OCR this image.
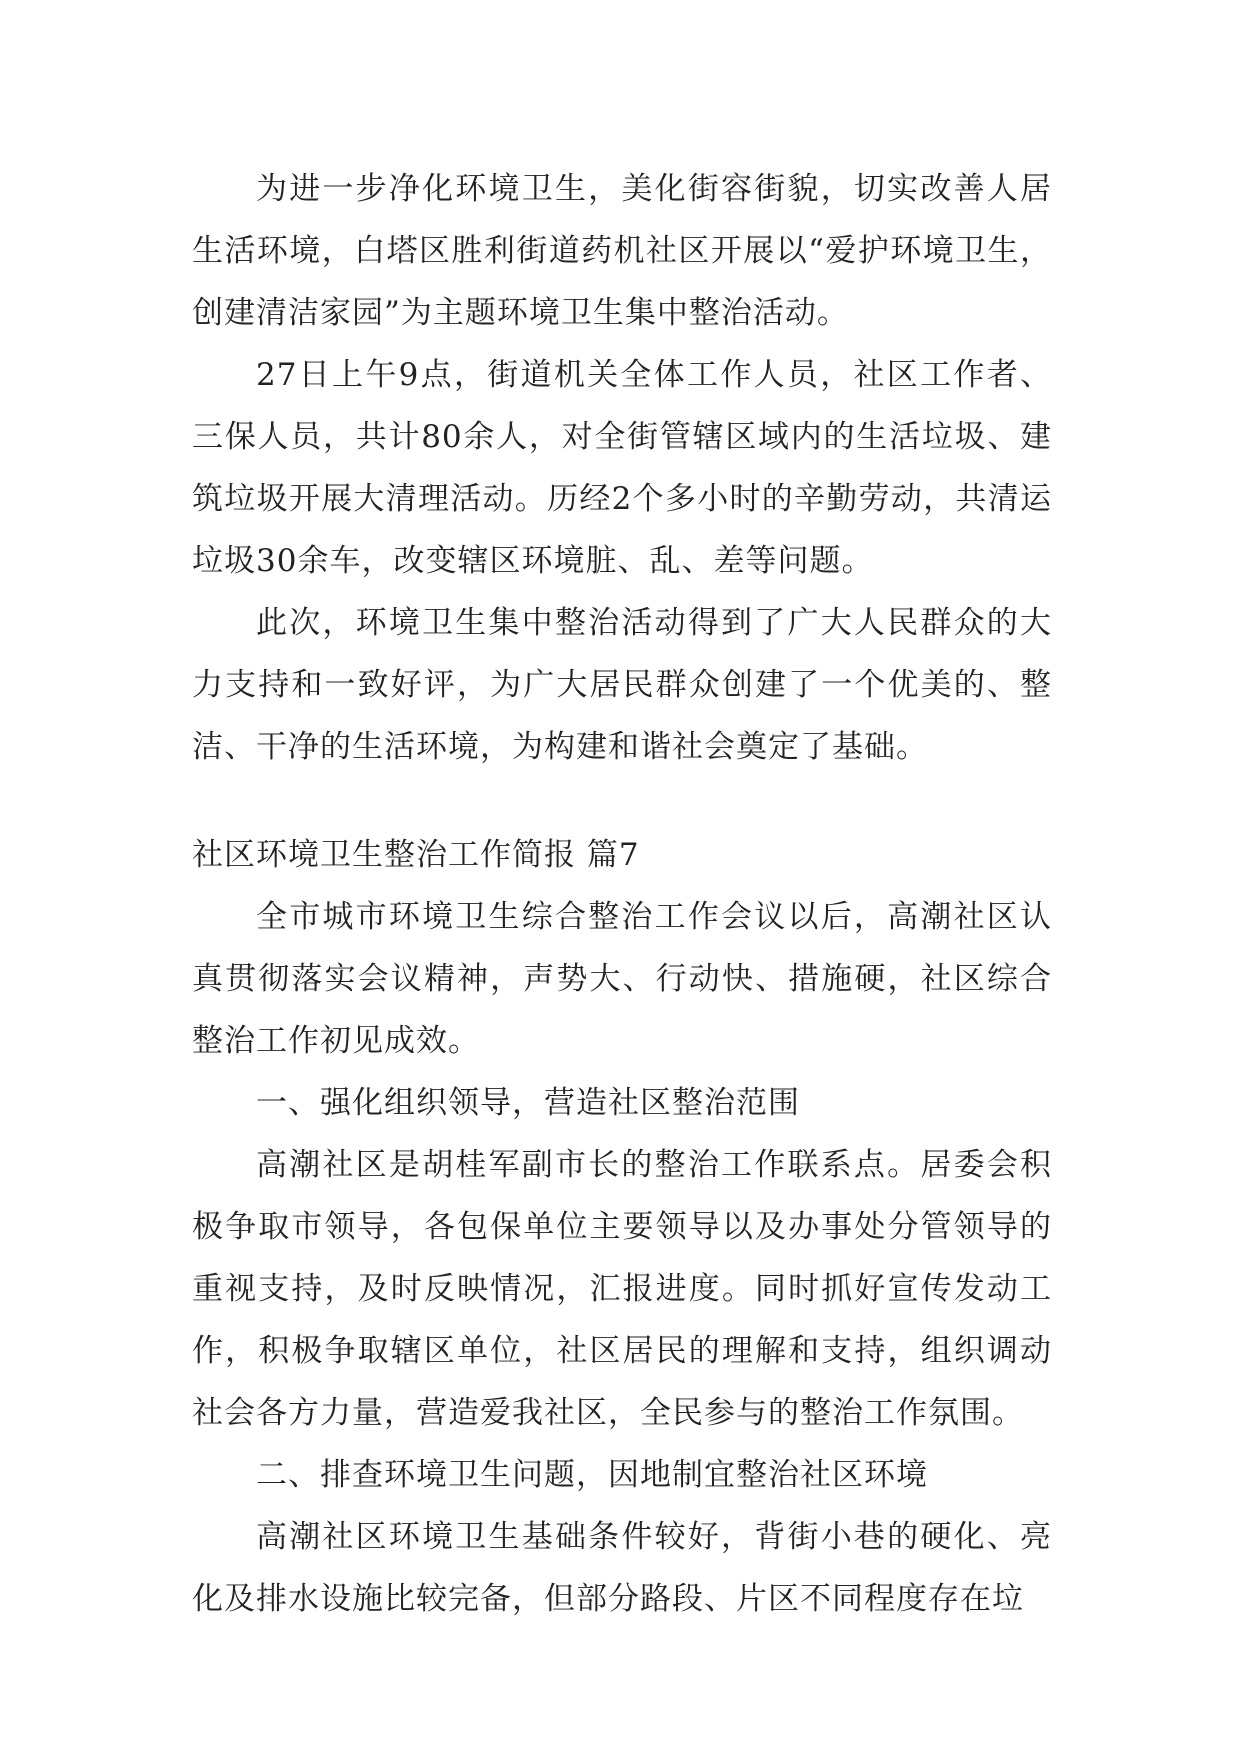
为进一步净化环境卫生，美化街容街貌，切实改善人居生活环境，白塔区胜利街道药机社区开展以“爱护环境卫生，创建清洁家园”为主题环境卫生集中整治活动。

27日上午9点，街道机关全体工作人员，社区工作者、三保人员，共计80余人，对全街管辖区域内的生活垃圾、建筑垃圾开展大清理活动。历经2个多小时的辛勤劳动，共清运垃圾30余车，改变辖区环境脏、乱、差等问题。

此次，环境卫生集中整治活动得到了广大人民群众的大力支持和一致好评，为广大居民群众创建了一个优美的、整洁、干净的生活环境，为构建和谐社会奠定了基础。

社区环境卫生整治工作简报 篇7

全市城市环境卫生综合整治工作会议以后，高潮社区认真贯彻落实会议精神，声势大、行动快、措施硬，社区综合整治工作初见成效。

一、强化组织领导，营造社区整治范围

高潮社区是胡桂军副市长的整治工作联系点。居委会积极争取市领导，各包保单位主要领导以及办事处分管领导的重视支持，及时反映情况，汇报进度。同时抓好宣传发动工作，积极争取辖区单位，社区居民的理解和支持，组织调动社会各方力量，营造爱我社区，全民参与的整治工作氛围。

二、排查环境卫生问题，因地制宜整治社区环境

高潮社区环境卫生基础条件较好，背街小巷的硬化、亮化及排水设施比较完备，但部分路段、片区不同程度存在垃
